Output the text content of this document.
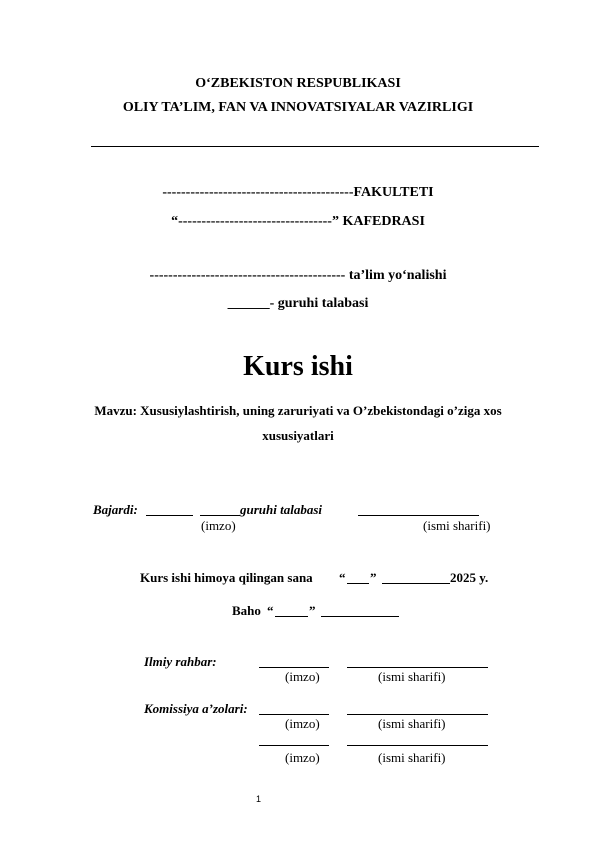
O‘ZBEKISTON RESPUBLIKASI
OLIY TA’LIM, FAN VA INNOVATSIYALAR VAZIRLIGI
-----------------------------------------FAKULTETI
“---------------------------------” KAFEDRASI
------------------------------------------ ta’lim yo‘nalishi
______- guruhi talabasi
Kurs ishi
Mavzu: Xususiylashtirish, uning zaruriyati va O’zbekistondagi o’ziga xos
xususiyatlari
Bajardi:	guruhi talabasi
(imzo)	(ismi sharifi)
Kurs ishi himoya qilingan sana “ ”	2025 y.
Baho “	”
Ilmiy rahbar:
(imzo)	(ismi sharifi)
Komissiya a’zolari:
(imzo)	(ismi sharifi)
(imzo)	(ismi sharifi)
1
